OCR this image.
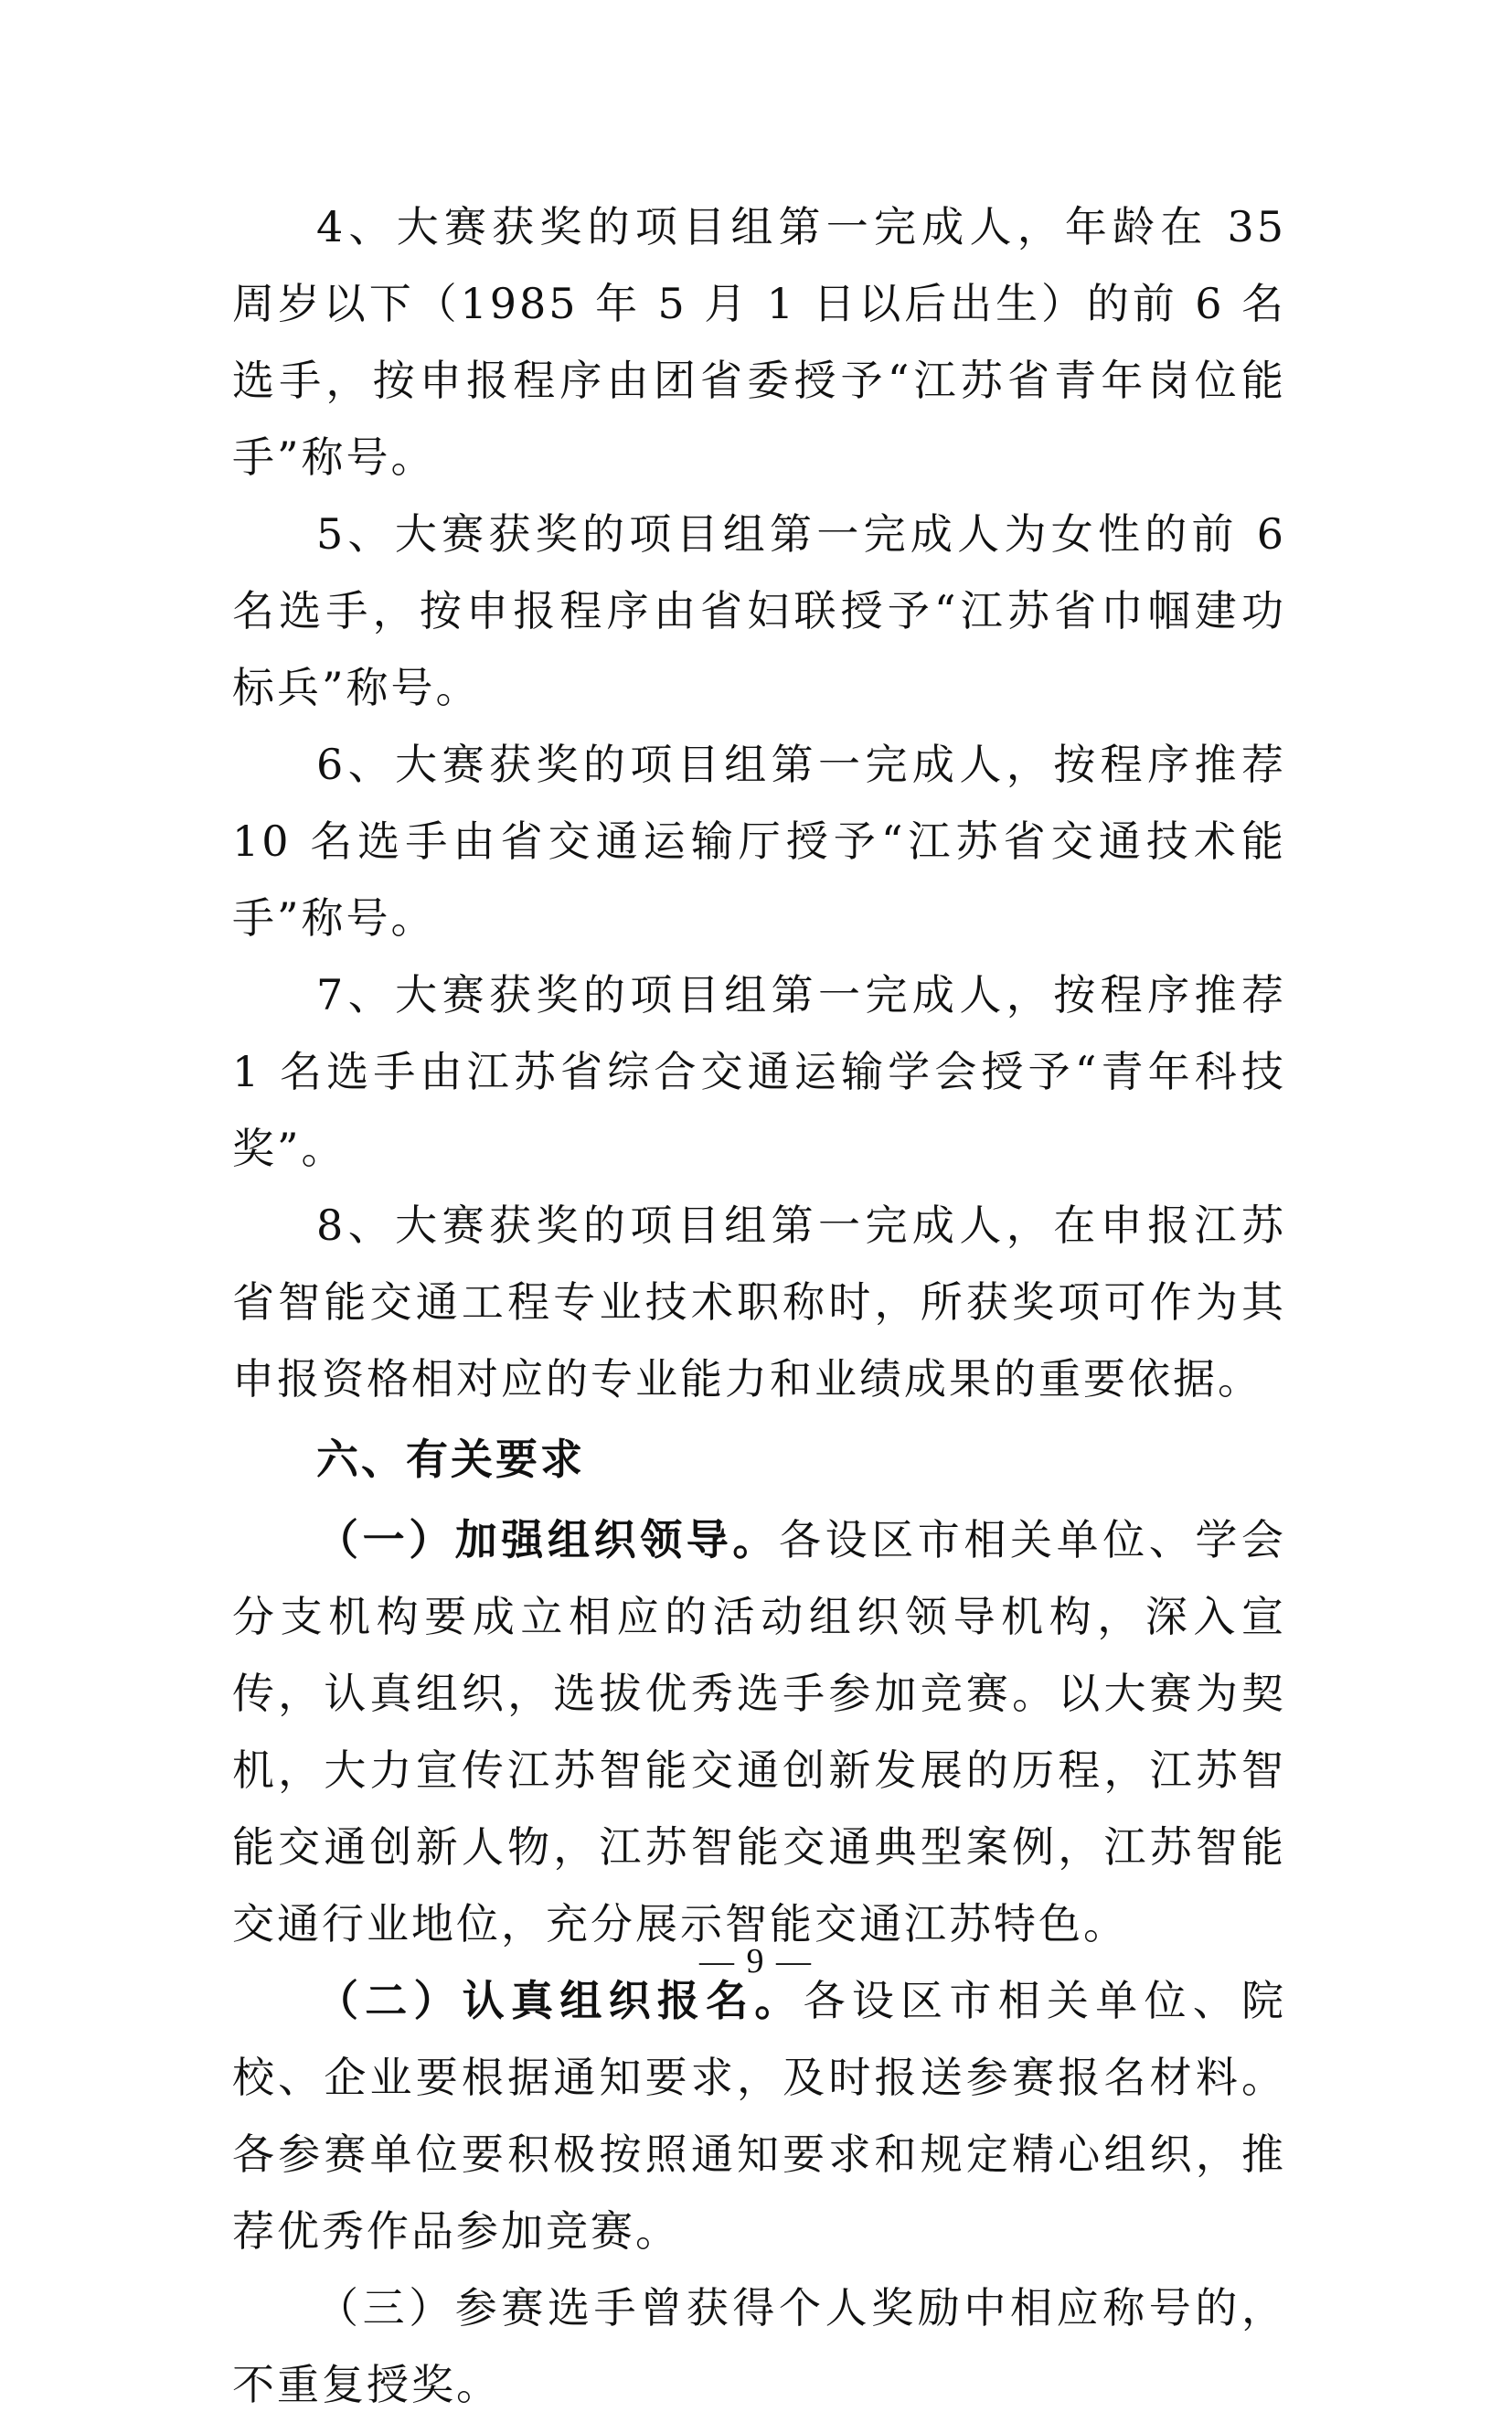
4、大赛获奖的项目组第一完成人，年龄在 35 周岁以下（1985 年 5 月 1 日以后出生）的前 6 名选手，按申报程序由团省委授予“江苏省青年岗位能手”称号。

5、大赛获奖的项目组第一完成人为女性的前 6 名选手，按申报程序由省妇联授予“江苏省巾帼建功标兵”称号。

6、大赛获奖的项目组第一完成人，按程序推荐 10 名选手由省交通运输厅授予“江苏省交通技术能手”称号。

7、大赛获奖的项目组第一完成人，按程序推荐 1 名选手由江苏省综合交通运输学会授予“青年科技奖”。

8、大赛获奖的项目组第一完成人，在申报江苏省智能交通工程专业技术职称时，所获奖项可作为其申报资格相对应的专业能力和业绩成果的重要依据。

六、有关要求

（一）加强组织领导。各设区市相关单位、学会分支机构要成立相应的活动组织领导机构，深入宣传，认真组织，选拔优秀选手参加竞赛。以大赛为契机，大力宣传江苏智能交通创新发展的历程，江苏智能交通创新人物，江苏智能交通典型案例，江苏智能交通行业地位，充分展示智能交通江苏特色。

（二）认真组织报名。各设区市相关单位、院校、企业要根据通知要求，及时报送参赛报名材料。各参赛单位要积极按照通知要求和规定精心组织，推荐优秀作品参加竞赛。

（三）参赛选手曾获得个人奖励中相应称号的，不重复授奖。

— 9 —
